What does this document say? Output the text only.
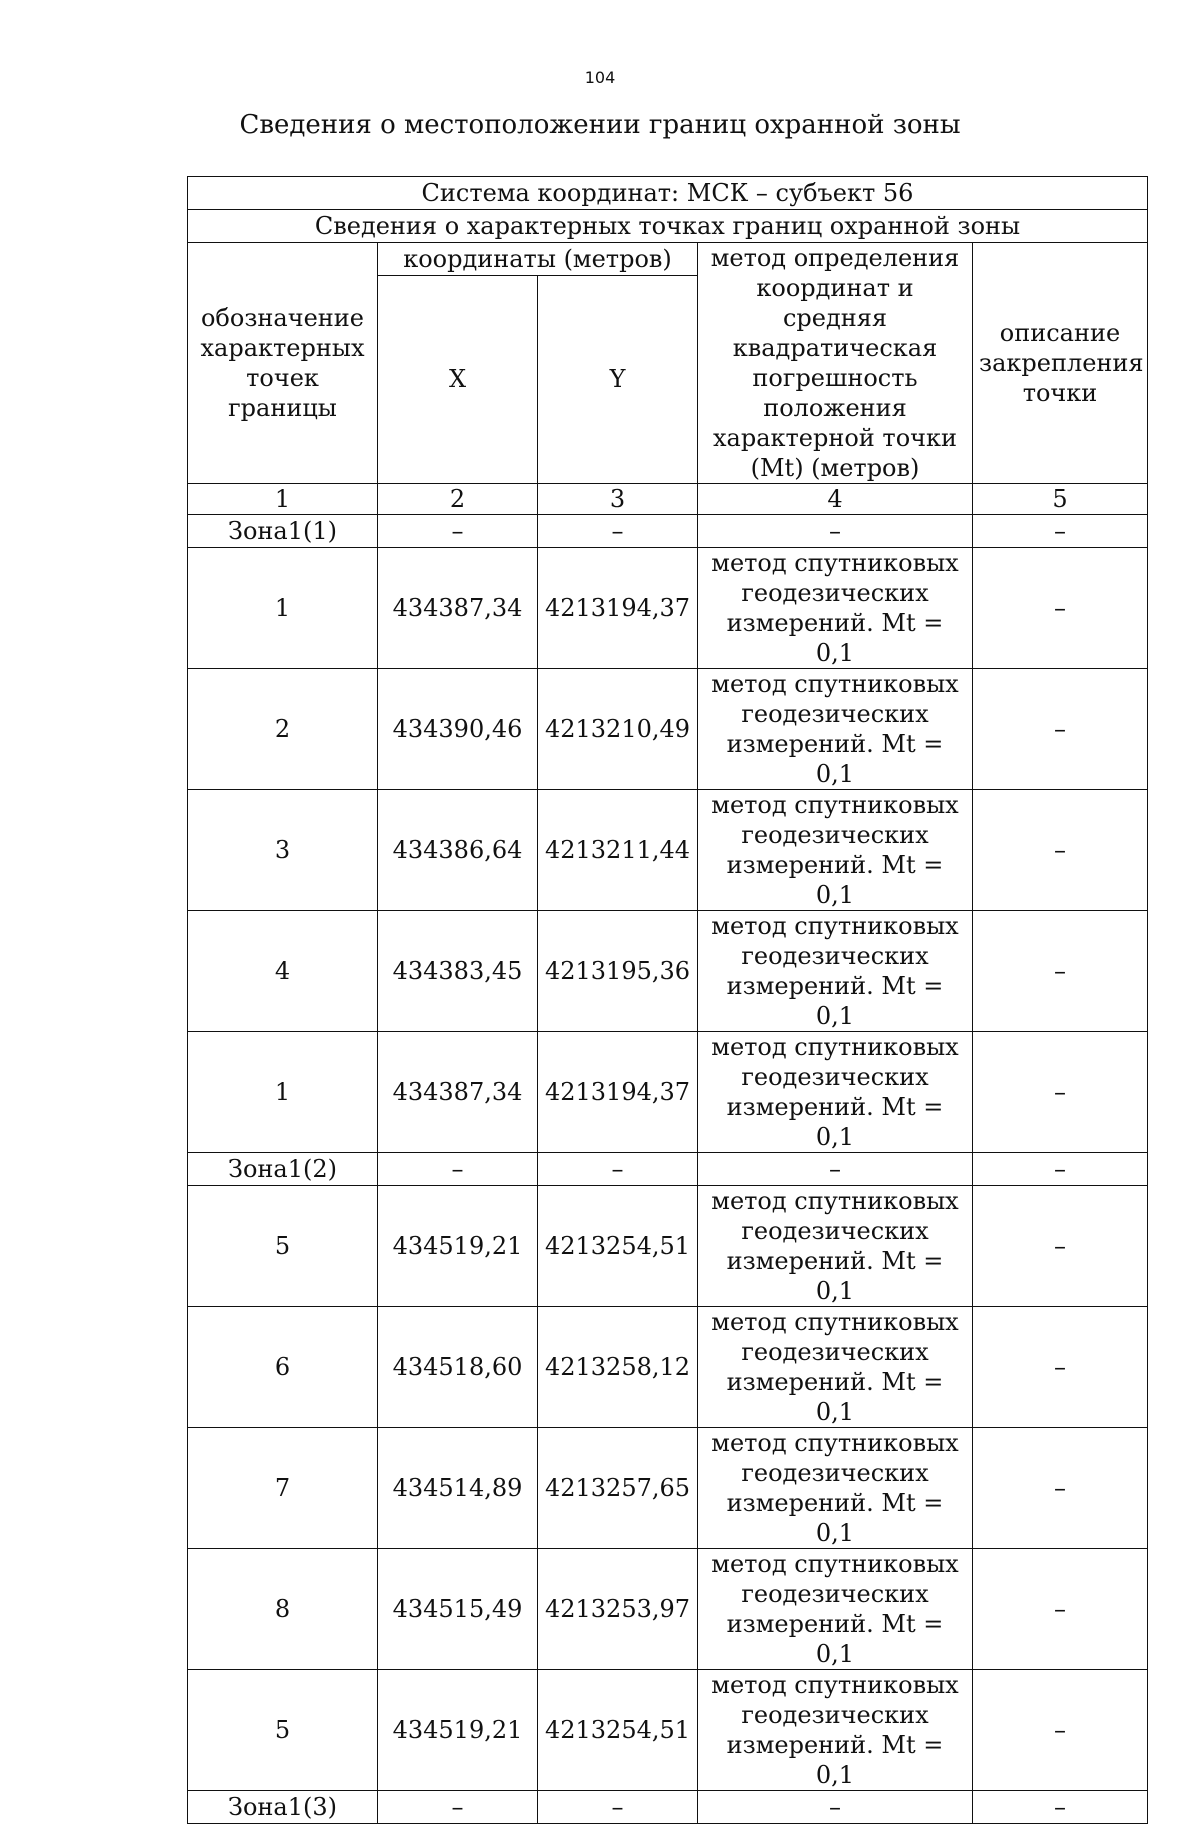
104
Сведения о местоположении границ охранной зоны
Система координат: МСК – субъект 56				
Сведения о характерных точках границ охранной зоны				
обозначение характерных точек границы	координаты (метров)		метод определения координат и средняя квадратическая погрешность положения характерной точки (Mt) (метров)	описание закрепления точки
	X	Y		
1	2	3	4	5
Зона1(1)	–	–	–	–
1	434387,34	4213194,37	метод спутниковых геодезических измерений. Mt = 0,1	–
2	434390,46	4213210,49	метод спутниковых геодезических измерений. Mt = 0,1	–
3	434386,64	4213211,44	метод спутниковых геодезических измерений. Mt = 0,1	–
4	434383,45	4213195,36	метод спутниковых геодезических измерений. Mt = 0,1	–
1	434387,34	4213194,37	метод спутниковых геодезических измерений. Mt = 0,1	–
Зона1(2)	–	–	–	–
5	434519,21	4213254,51	метод спутниковых геодезических измерений. Mt = 0,1	–
6	434518,60	4213258,12	метод спутниковых геодезических измерений. Mt = 0,1	–
7	434514,89	4213257,65	метод спутниковых геодезических измерений. Mt = 0,1	–
8	434515,49	4213253,97	метод спутниковых геодезических измерений. Mt = 0,1	–
5	434519,21	4213254,51	метод спутниковых геодезических измерений. Mt = 0,1	–
Зона1(3)	–	–	–	–
